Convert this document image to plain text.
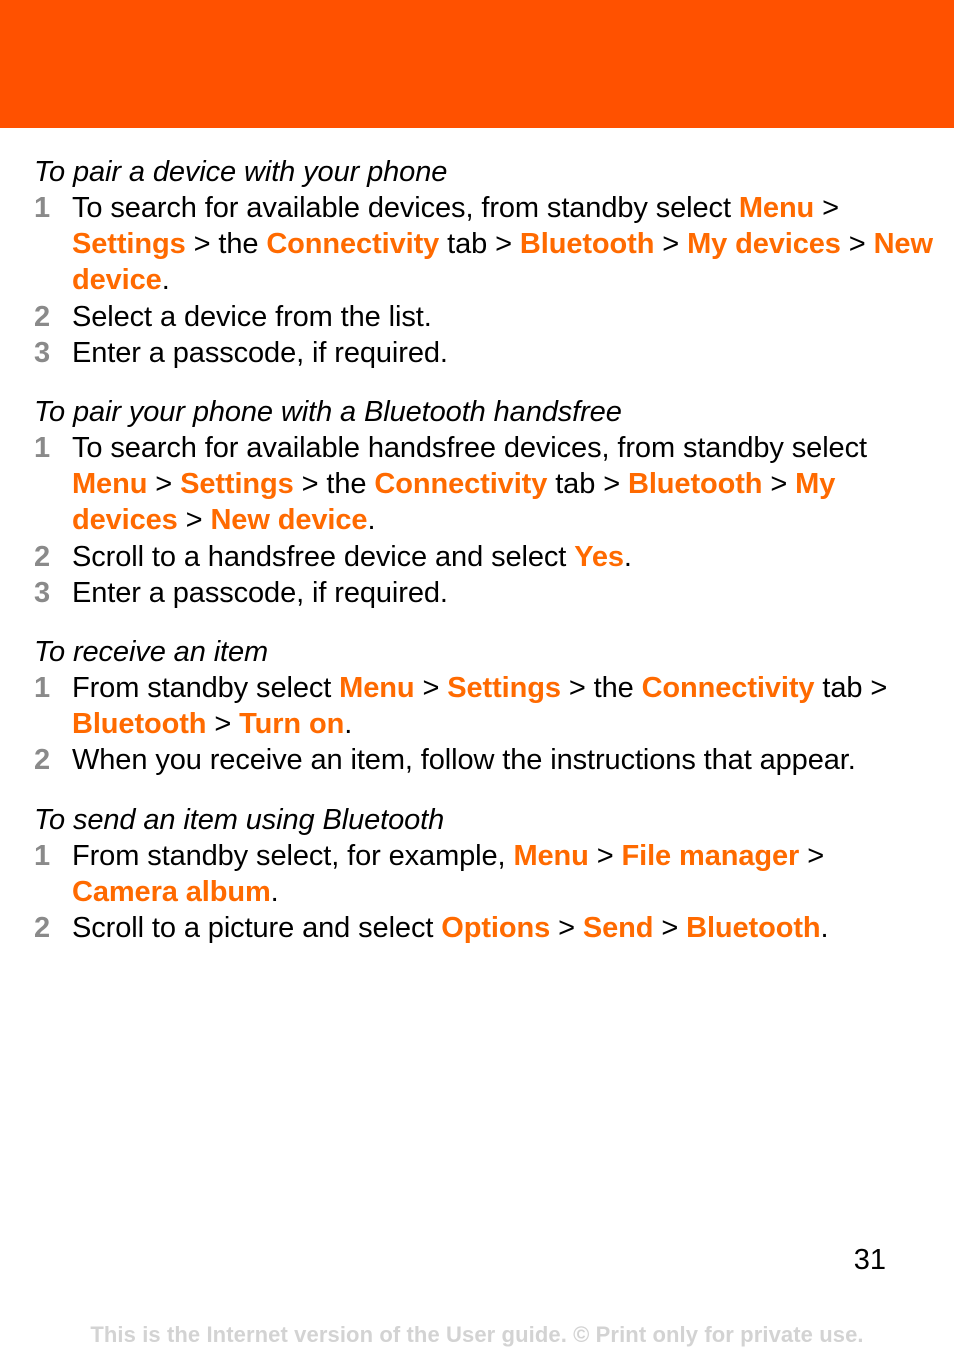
To pair a device with your phone
1 To search for available devices, from standby select Menu > Settings > the Connectivity tab > Bluetooth > My devices > New device.
2 Select a device from the list.
3 Enter a passcode, if required.
To pair your phone with a Bluetooth handsfree
1 To search for available handsfree devices, from standby select Menu > Settings > the Connectivity tab > Bluetooth > My devices > New device.
2 Scroll to a handsfree device and select Yes.
3 Enter a passcode, if required.
To receive an item
1 From standby select Menu > Settings > the Connectivity tab > Bluetooth > Turn on.
2 When you receive an item, follow the instructions that appear.
To send an item using Bluetooth
1 From standby select, for example, Menu > File manager > Camera album.
2 Scroll to a picture and select Options > Send > Bluetooth.
31
This is the Internet version of the User guide. © Print only for private use.
